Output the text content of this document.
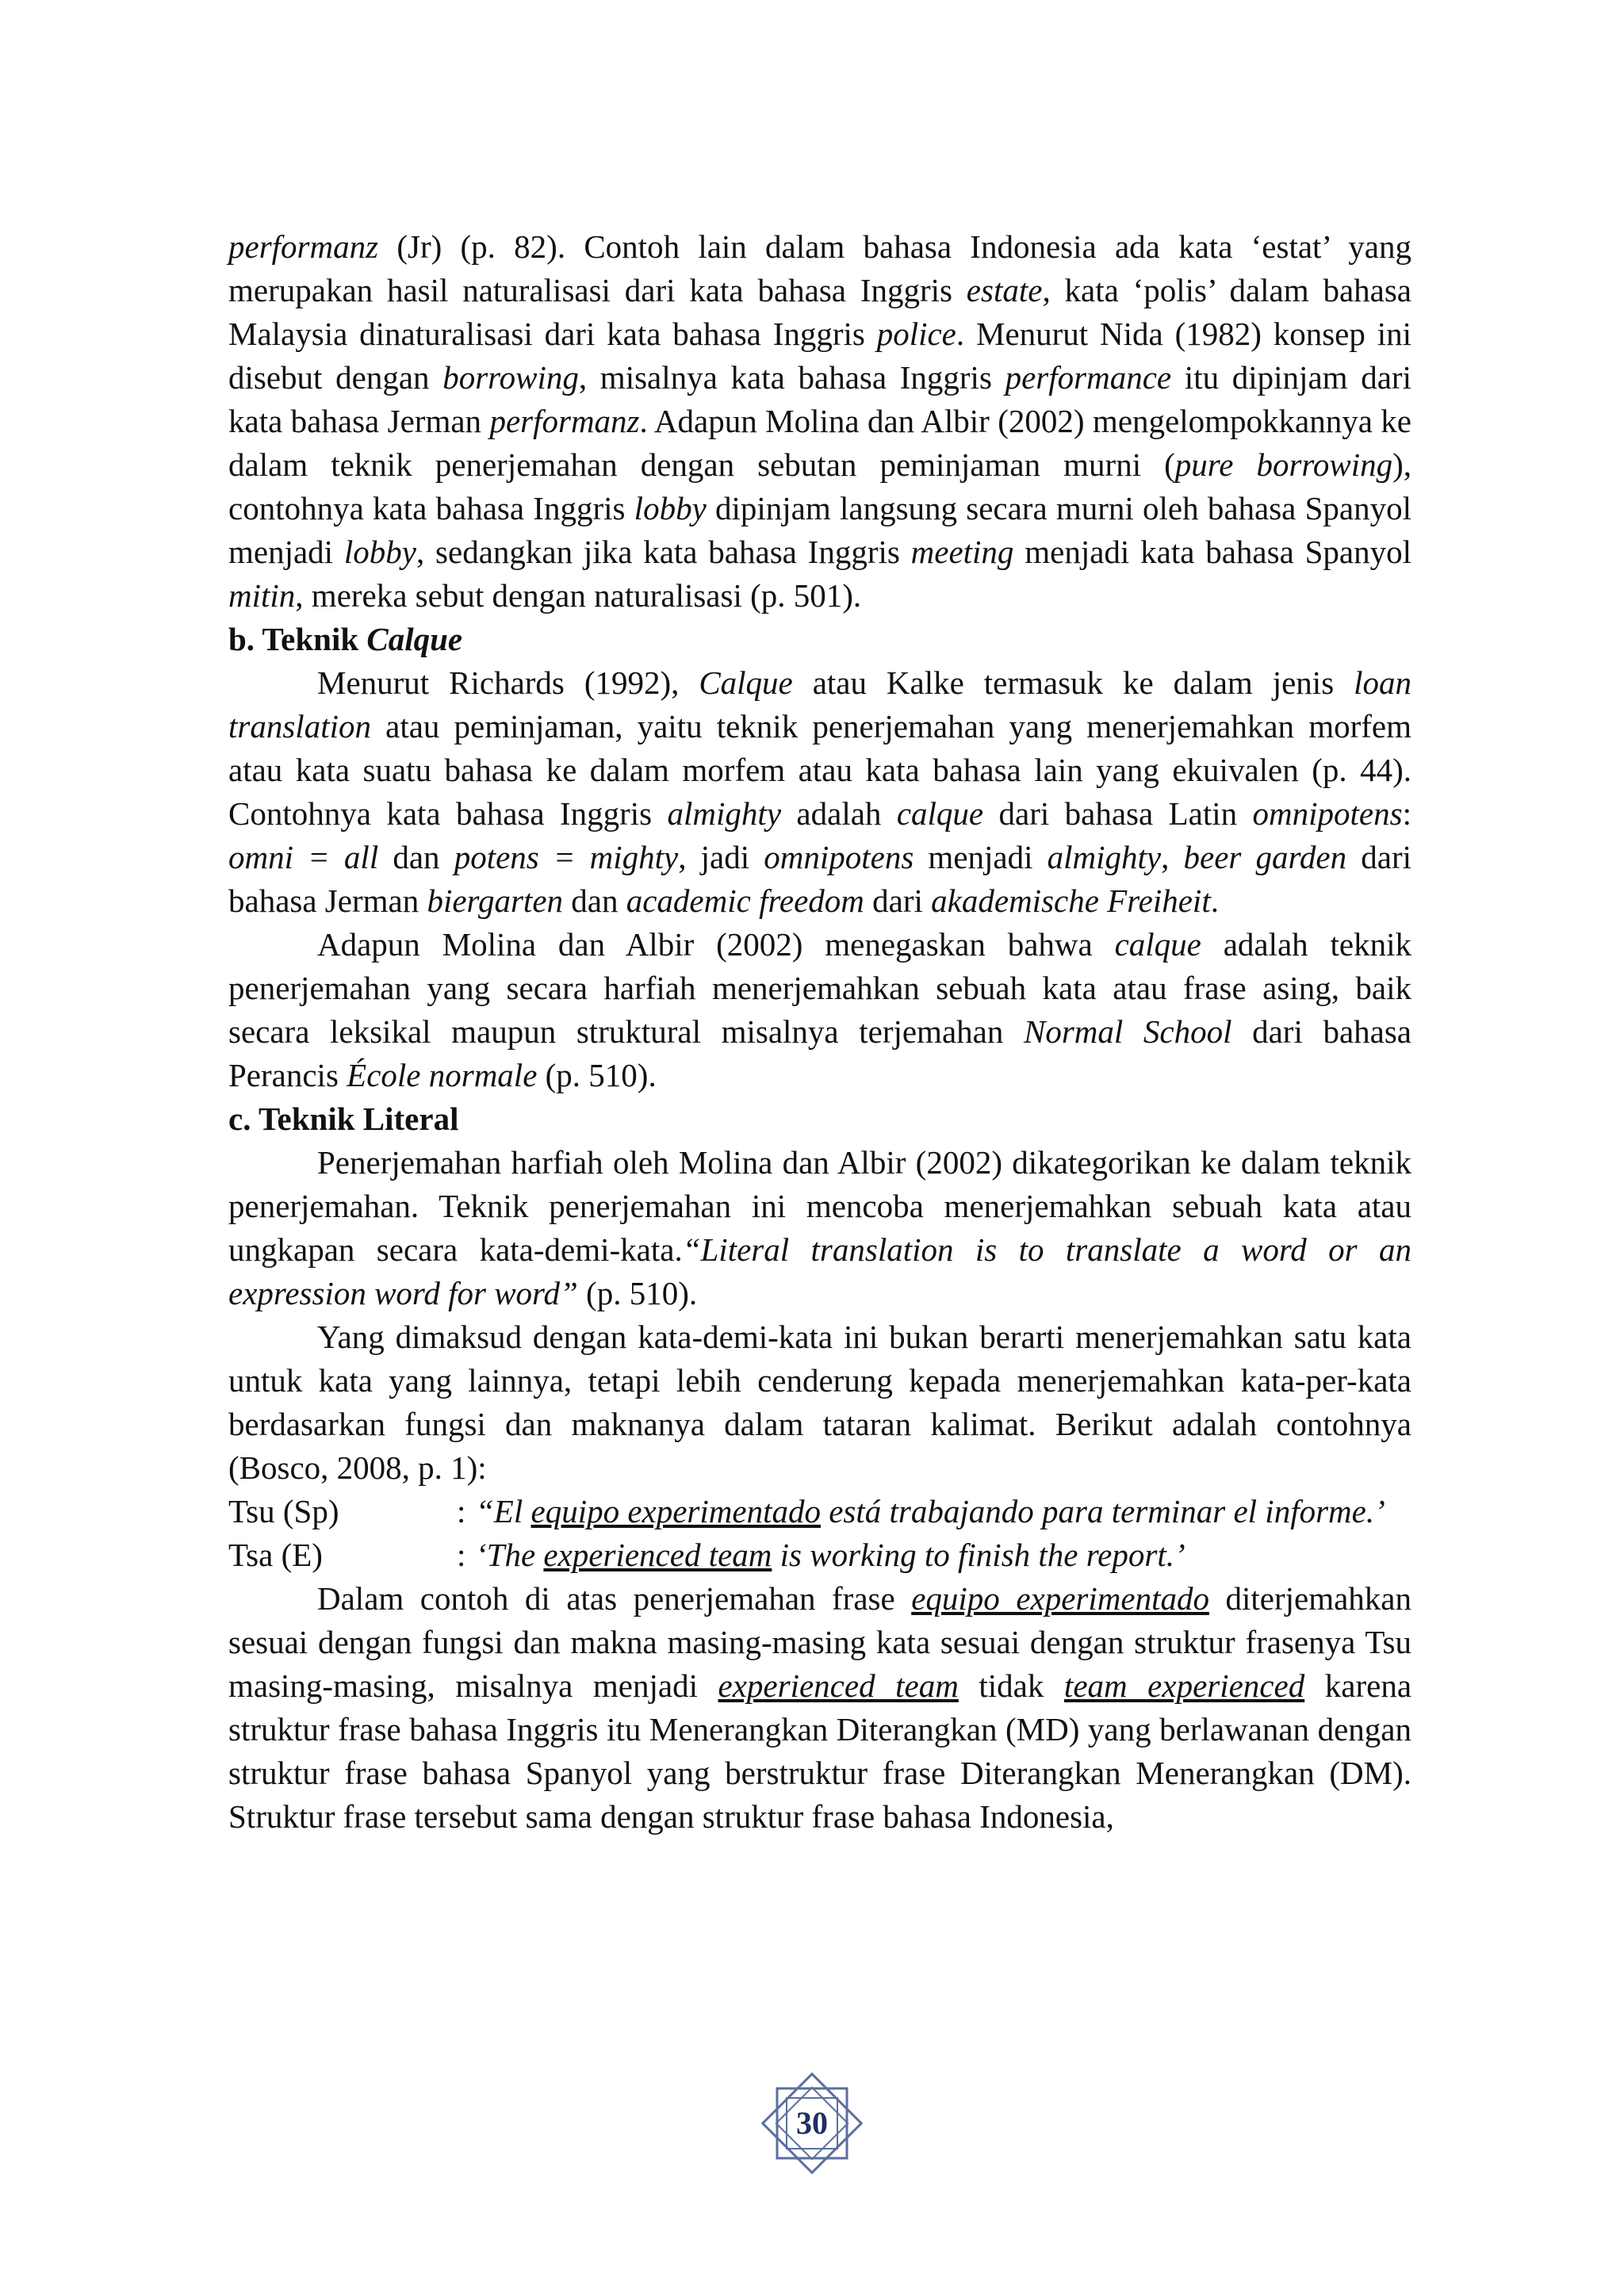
performanz (Jr) (p. 82). Contoh lain dalam bahasa Indonesia ada kata ‘estat’ yang merupakan hasil naturalisasi dari kata bahasa Inggris estate, kata ‘polis’ dalam bahasa Malaysia dinaturalisasi dari kata bahasa Inggris police. Menurut Nida (1982) konsep ini disebut dengan borrowing, misalnya kata bahasa Inggris performance itu dipinjam dari kata bahasa Jerman performanz. Adapun Molina dan Albir (2002) mengelompokkannya ke dalam teknik penerjemahan dengan sebutan peminjaman murni (pure borrowing), contohnya kata bahasa Inggris lobby dipinjam langsung secara murni oleh bahasa Spanyol menjadi lobby, sedangkan jika kata bahasa Inggris meeting menjadi kata bahasa Spanyol mitin, mereka sebut dengan naturalisasi (p. 501).

b. Teknik Calque

Menurut Richards (1992), Calque atau Kalke termasuk ke dalam jenis loan translation atau peminjaman, yaitu teknik penerjemahan yang menerjemahkan morfem atau kata suatu bahasa ke dalam morfem atau kata bahasa lain yang ekuivalen (p. 44). Contohnya kata bahasa Inggris almighty adalah calque dari bahasa Latin omnipotens: omni = all dan potens = mighty, jadi omnipotens menjadi almighty, beer garden dari bahasa Jerman biergarten dan academic freedom dari akademische Freiheit.

Adapun Molina dan Albir (2002) menegaskan bahwa calque adalah teknik penerjemahan yang secara harfiah menerjemahkan sebuah kata atau frase asing, baik secara leksikal maupun struktural misalnya terjemahan Normal School dari bahasa Perancis École normale (p. 510).

c. Teknik Literal

Penerjemahan harfiah oleh Molina dan Albir (2002) dikategorikan ke dalam teknik penerjemahan. Teknik penerjemahan ini mencoba menerjemahkan sebuah kata atau ungkapan secara kata-demi-kata.“Literal translation is to translate a word or an expression word for word” (p. 510).

Yang dimaksud dengan kata-demi-kata ini bukan berarti menerjemahkan satu kata untuk kata yang lainnya, tetapi lebih cenderung kepada menerjemahkan kata-per-kata berdasarkan fungsi dan maknanya dalam tataran kalimat. Berikut adalah contohnya (Bosco, 2008, p. 1):

Tsu (Sp)	: “El equipo experimentado está trabajando para terminar el informe.’
Tsa (E)	: ‘The experienced team is working to finish the report.’

Dalam contoh di atas penerjemahan frase equipo experimentado diterjemahkan sesuai dengan fungsi dan makna masing-masing kata sesuai dengan struktur frasenya Tsu masing-masing, misalnya menjadi experienced team tidak team experienced karena struktur frase bahasa Inggris itu Menerangkan Diterangkan (MD) yang berlawanan dengan struktur frase bahasa Spanyol yang berstruktur frase Diterangkan Menerangkan (DM). Struktur frase tersebut sama dengan struktur frase bahasa Indonesia,

30
